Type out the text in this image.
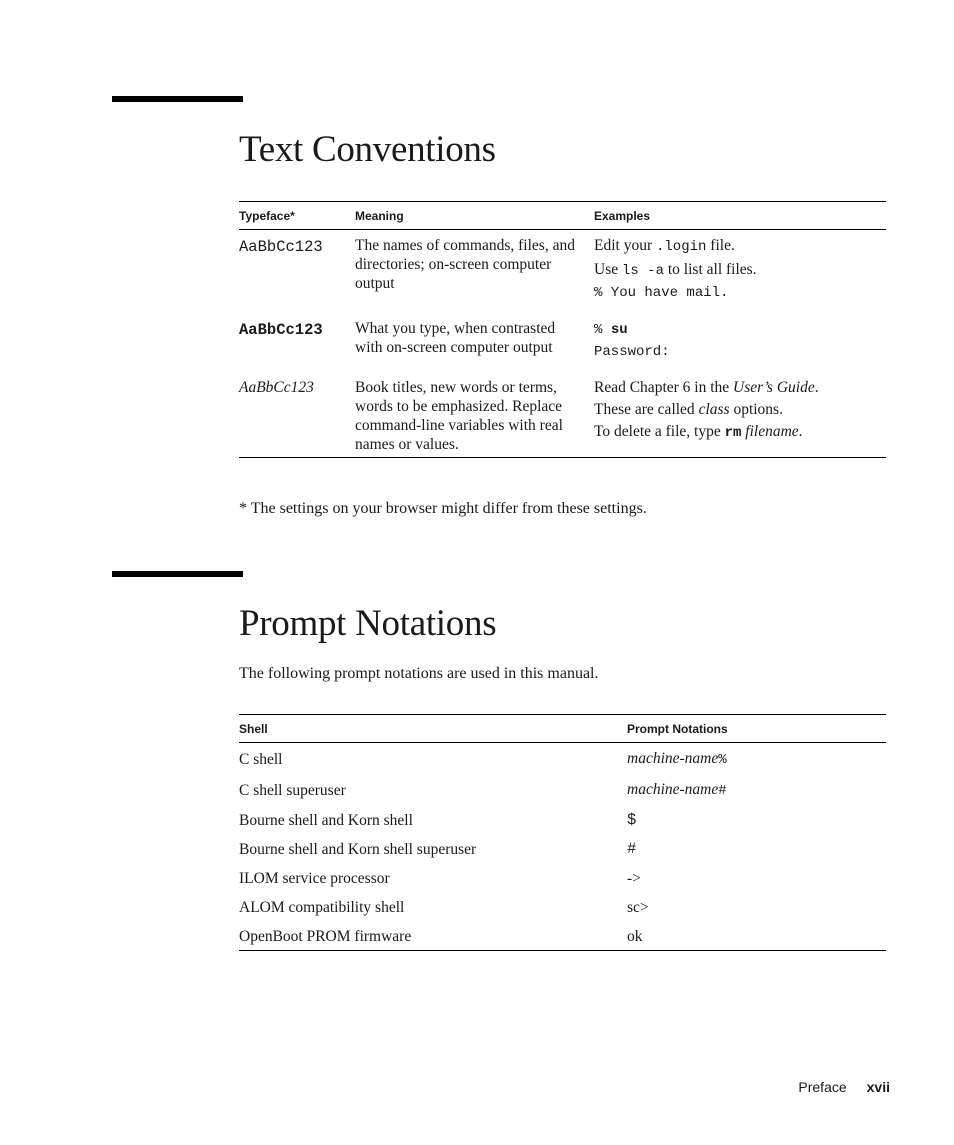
Text Conventions
Typeface*	Meaning	Examples
AaBbCc123	The names of commands, files, and directories; on-screen computer output	Edit your .login file.
Use ls -a to list all files.
% You have mail.

AaBbCc123	What you type, when contrasted with on-screen computer output	% su
Password:

AaBbCc123	Book titles, new words or terms, words to be emphasized. Replace command-line variables with real names or values.	Read Chapter 6 in the User’s Guide.
These are called class options.
To delete a file, type rm filename.

* The settings on your browser might differ from these settings.

Prompt Notations

The following prompt notations are used in this manual.

Shell	Prompt Notations
C shell	machine-name%
C shell superuser	machine-name#
Bourne shell and Korn shell	$
Bourne shell and Korn shell superuser	#
ILOM service processor	->
ALOM compatibility shell	sc>
OpenBoot PROM firmware	ok
Preface xvii
